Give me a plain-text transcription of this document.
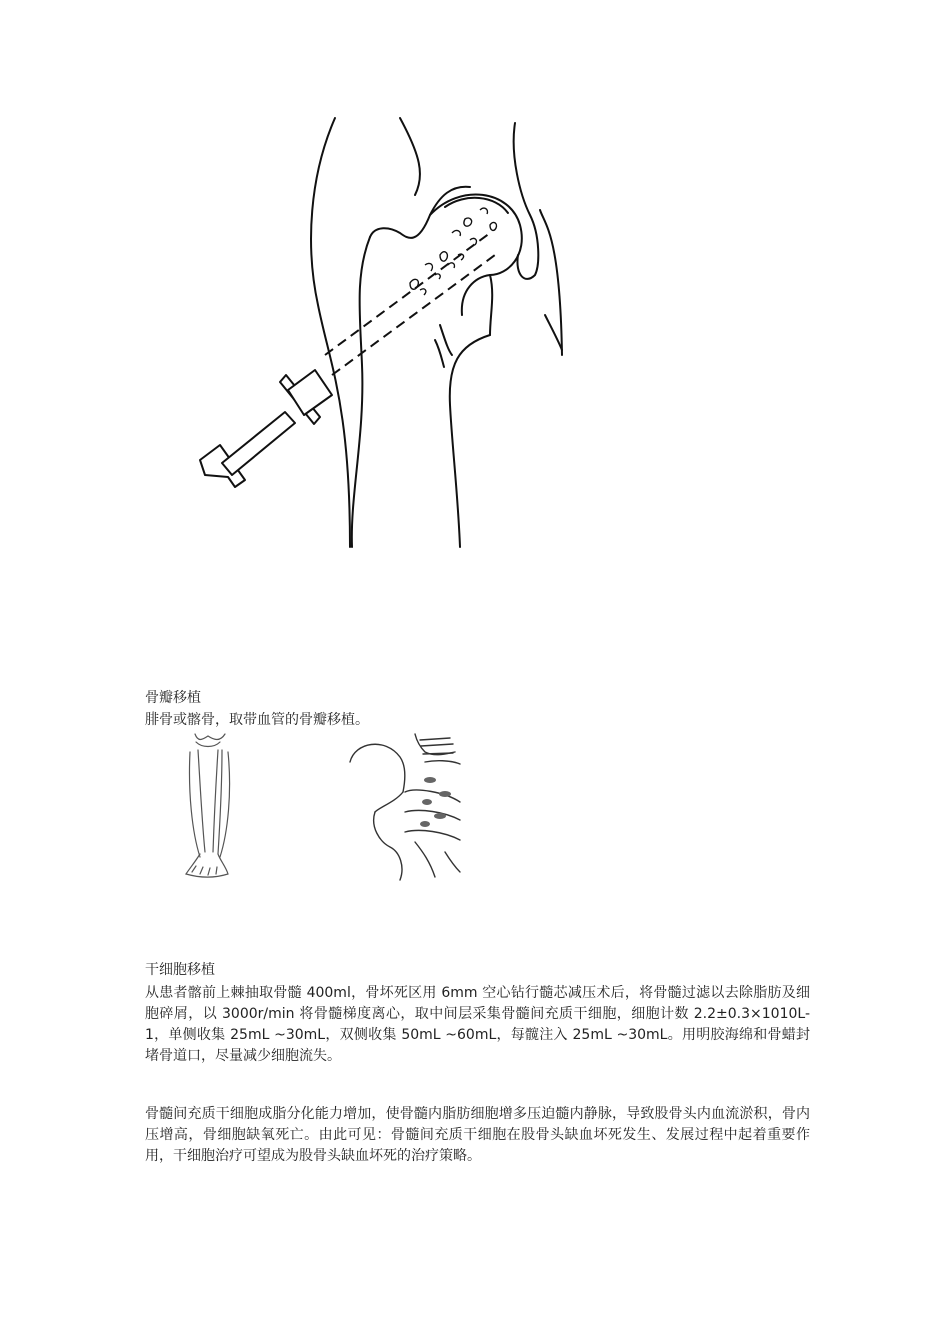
骨瓣移植
腓骨或髂骨，取带血管的骨瓣移植。
干细胞移植
从患者髂前上棘抽取骨髓 400ml，骨坏死区用 6mm 空心钻行髓芯减压术后，将骨髓过滤以去除脂肪及细胞碎屑，以 3000r/min 将骨髓梯度离心，取中间层采集骨髓间充质干细胞，细胞计数 2.2±0.3×1010L-1，单侧收集 25mL ~30mL，双侧收集 50mL ~60mL，每髋注入 25mL ~30mL。用明胶海绵和骨蜡封堵骨道口，尽量减少细胞流失。
骨髓间充质干细胞成脂分化能力增加，使骨髓内脂肪细胞增多压迫髓内静脉，导致股骨头内血流淤积，骨内压增高，骨细胞缺氧死亡。由此可见：骨髓间充质干细胞在股骨头缺血坏死发生、发展过程中起着重要作用，干细胞治疗可望成为股骨头缺血坏死的治疗策略。
